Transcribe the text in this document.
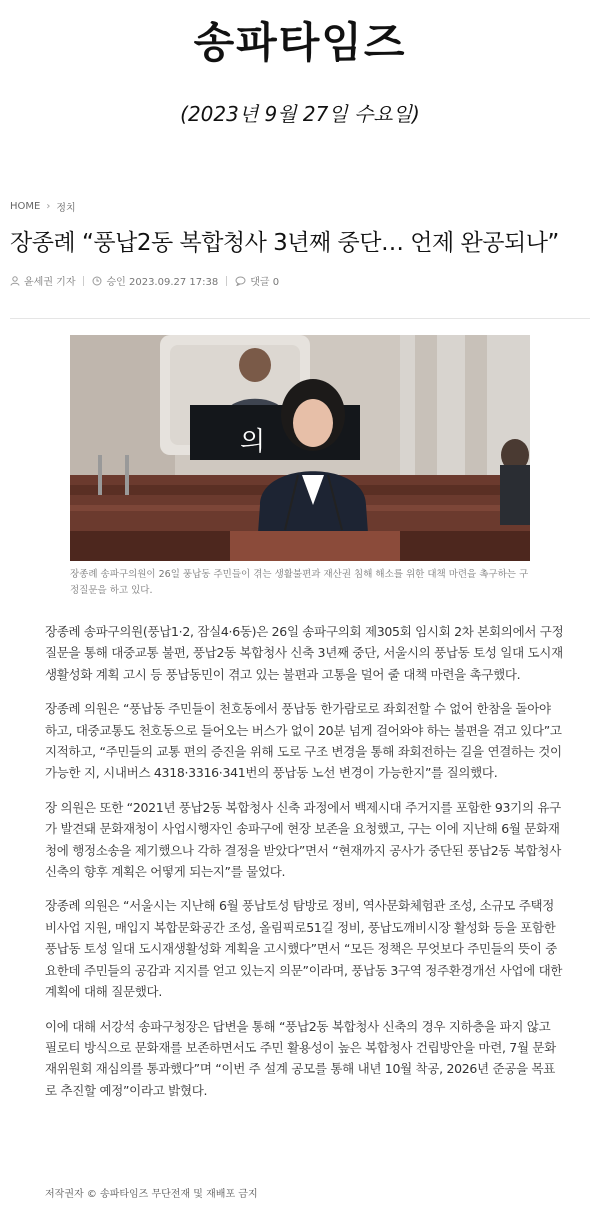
송파타임즈
(2023년 9월 27일 수요일)
HOME › 정치
장종례 “풍납2동 복합청사 3년째 중단… 언제 완공되나”
윤세권 기자	승인 2023.09.27 17:38	댓글 0
의
장종례 송파구의원이 26일 풍납동 주민들이 겪는 생활불편과 재산권 침해 해소를 위한 대책 마련을 촉구하는 구정질문을 하고 있다.

장종례 송파구의원(풍납1·2, 잠실4·6동)은 26일 송파구의회 제305회 임시회 2차 본회의에서 구정질문을 통해 대중교통 불편, 풍납2동 복합청사 신축 3년째 중단, 서울시의 풍납동 토성 일대 도시재생활성화 계획 고시 등 풍납동민이 겪고 있는 불편과 고통을 덜어 줄 대책 마련을 촉구했다.

장종례 의원은 “풍납동 주민들이 천호동에서 풍납동 한가람로로 좌회전할 수 없어 한참을 돌아야 하고, 대중교통도 천호동으로 들어오는 버스가 없이 20분 넘게 걸어와야 하는 불편을 겪고 있다”고 지적하고, “주민들의 교통 편의 증진을 위해 도로 구조 변경을 통해 좌회전하는 길을 연결하는 것이 가능한 지, 시내버스 4318·3316·341번의 풍납동 노선 변경이 가능한지”를 질의했다.

장 의원은 또한 “2021년 풍납2동 복합청사 신축 과정에서 백제시대 주거지를 포함한 93기의 유구가 발견돼 문화재청이 사업시행자인 송파구에 현장 보존을 요청했고, 구는 이에 지난해 6월 문화재청에 행정소송을 제기했으나 각하 결정을 받았다”면서 “현재까지 공사가 중단된 풍납2동 복합청사 신축의 향후 계획은 어떻게 되는지”를 물었다.

장종례 의원은 “서울시는 지난해 6월 풍납토성 탐방로 정비, 역사문화체험관 조성, 소규모 주택정비사업 지원, 매입지 복합문화공간 조성, 올림픽로51길 정비, 풍납도깨비시장 활성화 등을 포함한 풍납동 토성 일대 도시재생활성화 계획을 고시했다”면서 “모든 정책은 무엇보다 주민들의 뜻이 중요한데 주민들의 공감과 지지를 얻고 있는지 의문”이라며, 풍납동 3구역 정주환경개선 사업에 대한 계획에 대해 질문했다.

이에 대해 서강석 송파구청장은 답변을 통해 “풍납2동 복합청사 신축의 경우 지하층을 파지 않고 필로티 방식으로 문화재를 보존하면서도 주민 활용성이 높은 복합청사 건립방안을 마련, 7월 문화재위원회 재심의를 통과했다”며 “이번 주 설계 공모를 통해 내년 10월 착공, 2026년 준공을 목표로 추진할 예정”이라고 밝혔다.

저작권자 © 송파타임즈 무단전재 및 재배포 금지
